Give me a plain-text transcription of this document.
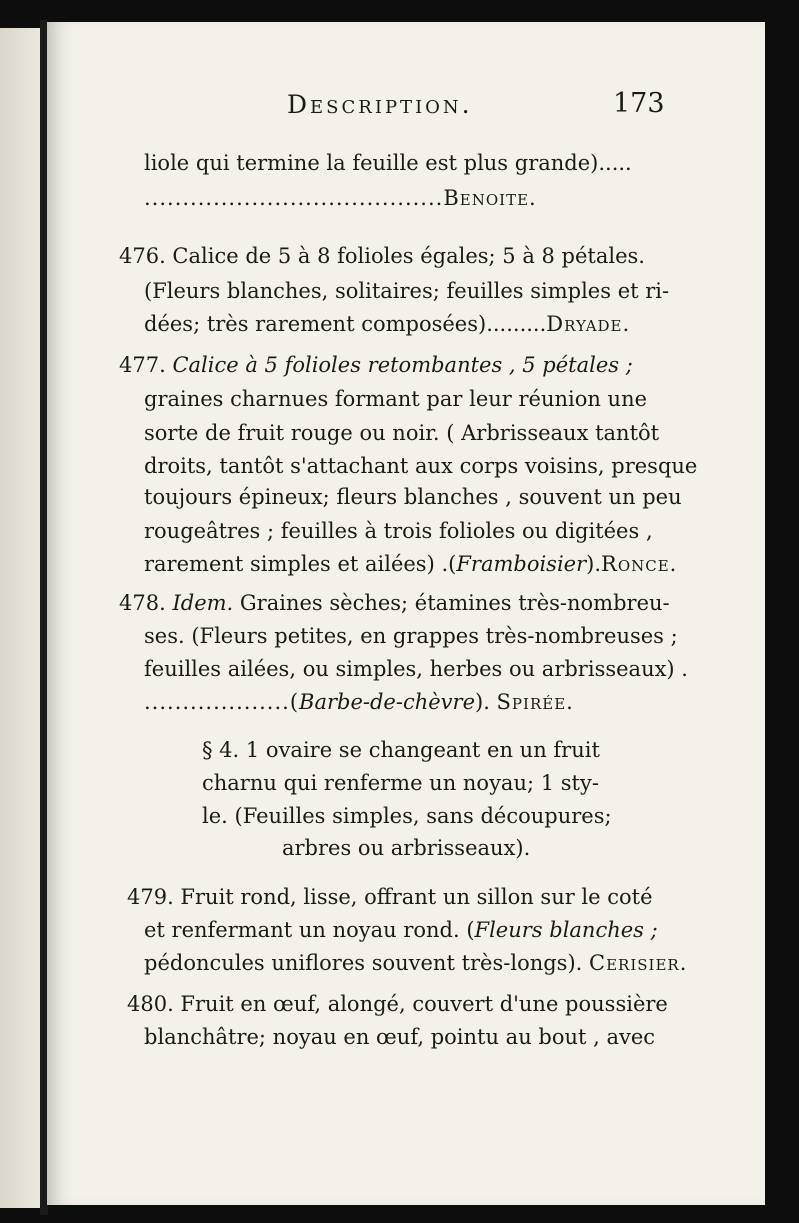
Description.	173
liole qui termine la feuille est plus grande).....
.......................................Benoite.
476. Calice de 5 à 8 folioles égales; 5 à 8 pétales.
(Fleurs blanches, solitaires; feuilles simples et ri-
dées; très rarement composées).........Dryade.
477. Calice à 5 folioles retombantes , 5 pétales ;
graines charnues formant par leur réunion une
sorte de fruit rouge ou noir. ( Arbrisseaux tantôt
droits, tantôt s'attachant aux corps voisins, presque
toujours épineux; fleurs blanches , souvent un peu
rougeâtres ; feuilles à trois folioles ou digitées ,
rarement simples et ailées) .(Framboisier).Ronce.
478. Idem. Graines sèches; étamines très-nombreu-
ses. (Fleurs petites, en grappes très-nombreuses ;
feuilles ailées, ou simples, herbes ou arbrisseaux) .
...................(Barbe-de-chèvre). Spirée.
§ 4. 1 ovaire se changeant en un fruit
charnu qui renferme un noyau; 1 sty-
le. (Feuilles simples, sans découpures;
arbres ou arbrisseaux).
479. Fruit rond, lisse, offrant un sillon sur le coté
et renfermant un noyau rond. (Fleurs blanches ;
pédoncules uniflores souvent très-longs). Cerisier.
480. Fruit en œuf, alongé, couvert d'une poussière
blanchâtre; noyau en œuf, pointu au bout , avec
